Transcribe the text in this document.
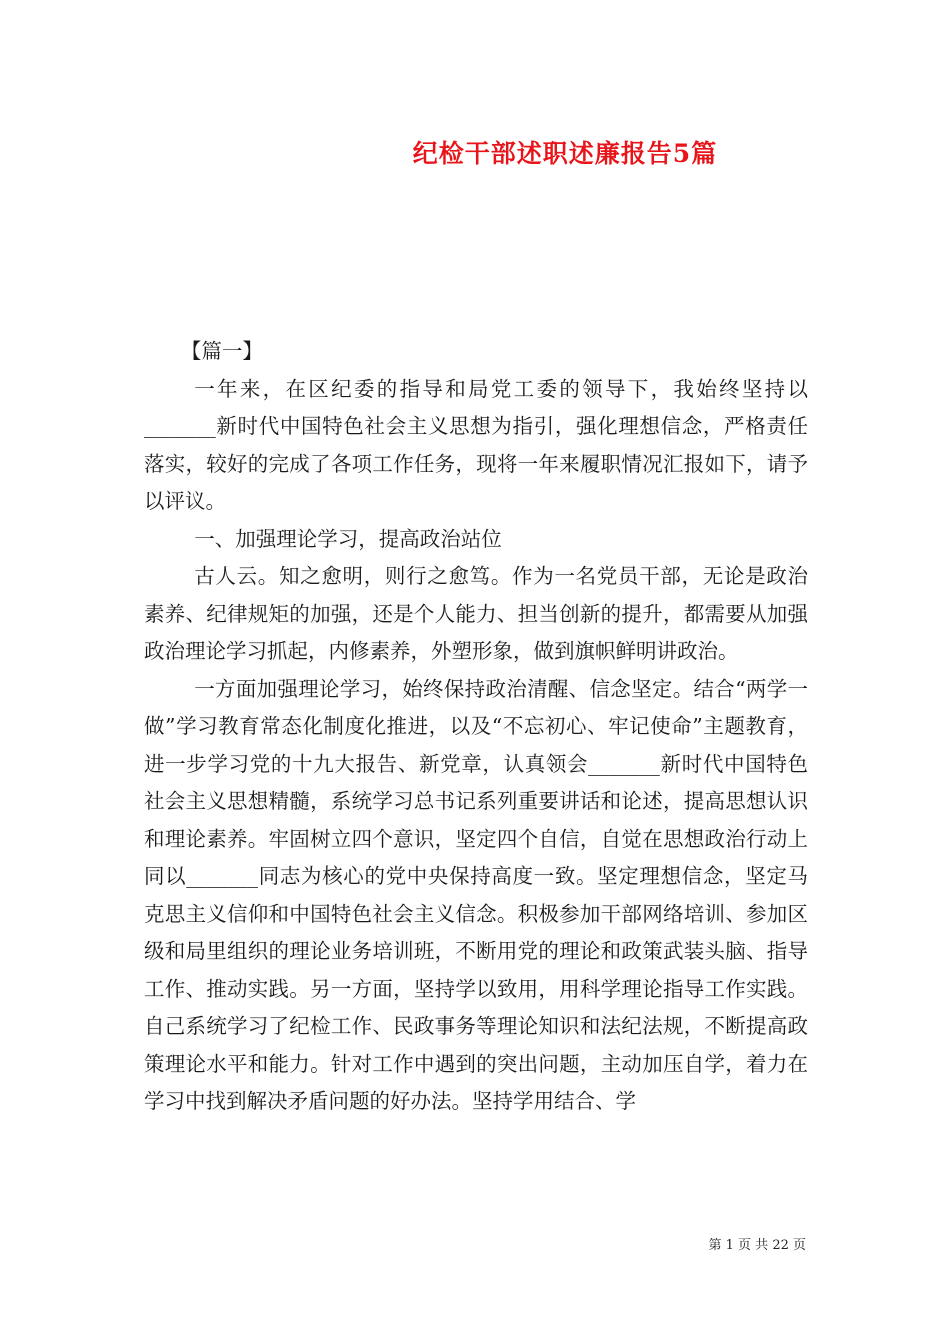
纪检干部述职述廉报告5篇

【篇一】

一年来，在区纪委的指导和局党工委的领导下，我始终坚持以_______新时代中国特色社会主义思想为指引，强化理想信念，严格责任落实，较好的完成了各项工作任务，现将一年来履职情况汇报如下，请予以评议。

一、加强理论学习，提高政治站位

古人云。知之愈明，则行之愈笃。作为一名党员干部，无论是政治素养、纪律规矩的加强，还是个人能力、担当创新的提升，都需要从加强政治理论学习抓起，内修素养，外塑形象，做到旗帜鲜明讲政治。

一方面加强理论学习，始终保持政治清醒、信念坚定。结合“两学一做”学习教育常态化制度化推进，以及“不忘初心、牢记使命”主题教育，进一步学习党的十九大报告、新党章，认真领会_______新时代中国特色社会主义思想精髓，系统学习总书记系列重要讲话和论述，提高思想认识和理论素养。牢固树立四个意识，坚定四个自信，自觉在思想政治行动上同以_______同志为核心的党中央保持高度一致。坚定理想信念，坚定马克思主义信仰和中国特色社会主义信念。积极参加干部网络培训、参加区级和局里组织的理论业务培训班，不断用党的理论和政策武装头脑、指导工作、推动实践。另一方面，坚持学以致用，用科学理论指导工作实践。自己系统学习了纪检工作、民政事务等理论知识和法纪法规，不断提高政策理论水平和能力。针对工作中遇到的突出问题，主动加压自学，着力在学习中找到解决矛盾问题的好办法。坚持学用结合、学

第 1 页 共 22 页
